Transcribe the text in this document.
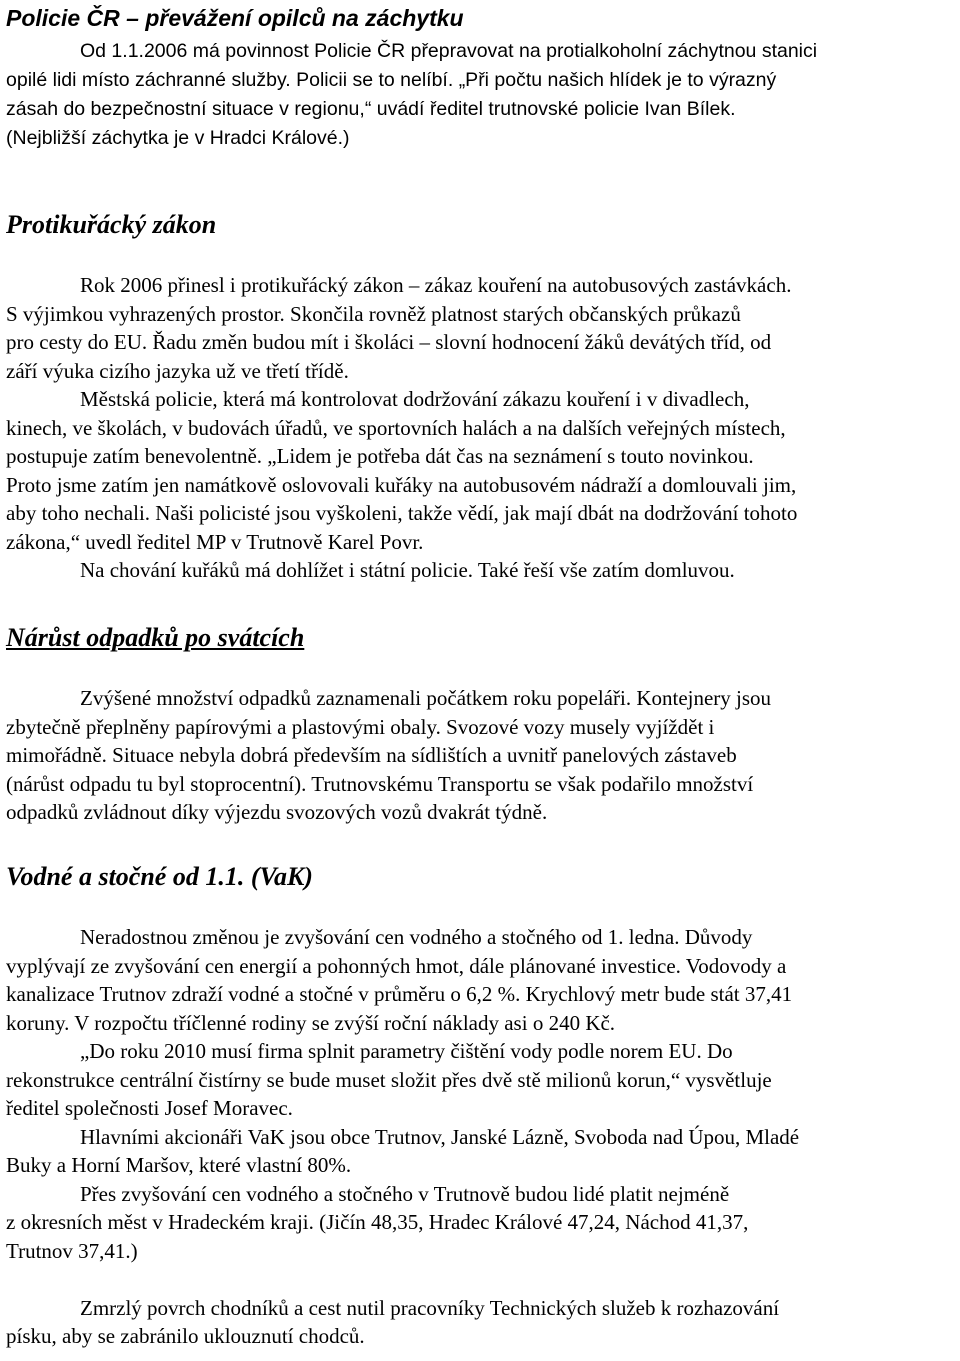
Policie ČR – převážení opilců na záchytku
Od 1.1.2006 má povinnost Policie ČR přepravovat na protialkoholní záchytnou stanici
opilé lidi místo záchranné služby. Policii se to nelíbí. „Při počtu našich hlídek je to výrazný
zásah do bezpečnostní situace v regionu,“ uvádí ředitel trutnovské policie Ivan Bílek.
(Nejbližší záchytka je v Hradci Králové.)
Protikuřácký zákon
Rok 2006 přinesl i protikuřácký zákon – zákaz kouření na autobusových zastávkách.
S výjimkou vyhrazených prostor. Skončila rovněž platnost starých občanských průkazů
pro cesty do EU. Řadu změn budou mít i školáci – slovní hodnocení žáků devátých tříd, od
září výuka cizího jazyka už ve třetí třídě.
Městská policie, která má kontrolovat dodržování zákazu kouření i v divadlech,
kinech, ve školách, v budovách úřadů, ve sportovních halách a na dalších veřejných místech,
postupuje zatím benevolentně. „Lidem je potřeba dát čas na seznámení s touto novinkou.
Proto jsme zatím jen namátkově oslovovali kuřáky na autobusovém nádraží a domlouvali jim,
aby toho nechali. Naši policisté jsou vyškoleni, takže vědí, jak mají dbát na dodržování tohoto
zákona,“ uvedl ředitel MP v Trutnově Karel Povr.
Na chování kuřáků má dohlížet i státní policie. Také řeší vše zatím domluvou.
Nárůst odpadků po svátcích
Zvýšené množství odpadků zaznamenali počátkem roku popeláři. Kontejnery jsou
zbytečně přeplněny papírovými a plastovými obaly. Svozové vozy musely vyjíždět i
mimořádně. Situace nebyla dobrá především na sídlištích a uvnitř panelových zástaveb
(nárůst odpadu tu byl stoprocentní). Trutnovskému Transportu se však podařilo množství
odpadků zvládnout díky výjezdu svozových vozů dvakrát týdně.
Vodné a stočné od 1.1. (VaK)
Neradostnou změnou je zvyšování cen vodného a stočného od 1. ledna. Důvody
vyplývají ze zvyšování cen energií a pohonných hmot, dále plánované investice. Vodovody a
kanalizace Trutnov zdraží vodné a stočné v průměru o 6,2 %. Krychlový metr bude stát 37,41
koruny. V rozpočtu tříčlenné rodiny se zvýší roční náklady asi o 240 Kč.
„Do roku 2010 musí firma splnit parametry čištění vody podle norem EU. Do
rekonstrukce centrální čistírny se bude muset složit přes dvě stě milionů korun,“ vysvětluje
ředitel společnosti Josef Moravec.
Hlavními akcionáři VaK jsou obce Trutnov, Janské Lázně, Svoboda nad Úpou, Mladé
Buky a Horní Maršov, které vlastní 80%.
Přes zvyšování cen vodného a stočného v Trutnově budou lidé platit nejméně
z okresních měst v Hradeckém kraji. (Jičín 48,35, Hradec Králové 47,24, Náchod 41,37,
Trutnov 37,41.)
Zmrzlý povrch chodníků a cest nutil pracovníky Technických služeb k rozhazování
písku, aby se zabránilo uklouznutí chodců.
